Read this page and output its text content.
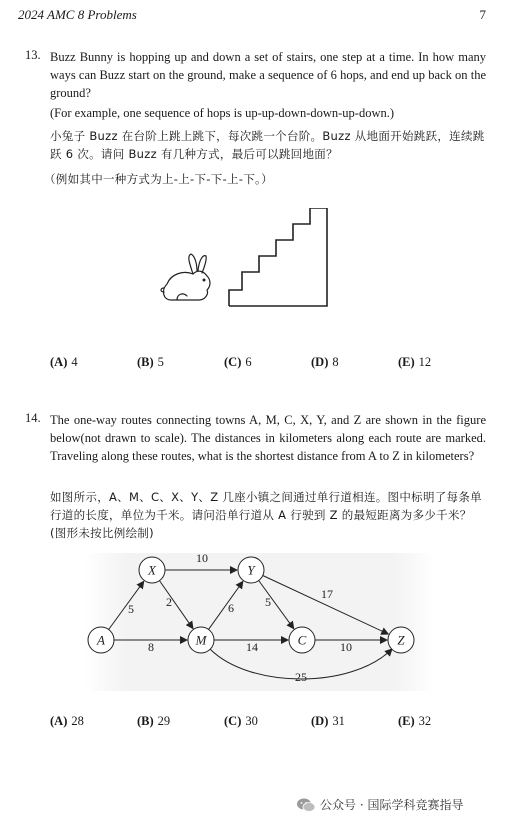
2024 AMC 8 Problems	7
13. Buzz Bunny is hopping up and down a set of stairs, one step at a time. In how many ways can Buzz start on the ground, make a sequence of 6 hops, and end up back on the ground?
(For example, one sequence of hops is up-up-down-down-up-down.)
小兔子 Buzz 在台阶上跳上跳下，每次跳一个台阶。Buzz 从地面开始跳跃，连续跳跃 6 次。请问 Buzz 有几种方式，最后可以跳回地面？
（例如其中一种方式为上-上-下-下-上-下。）
(A) 4	(B) 5	(C) 6	(D) 8	(E) 12
14. The one-way routes connecting towns A, M, C, X, Y, and Z are shown in the figure below(not drawn to scale). The distances in kilometers along each route are marked. Traveling along these routes, what is the shortest distance from A to Z in kilometers?
如图所示，A、M、C、X、Y、Z 几座小镇之间通过单行道相连。图中标明了每条单行道的长度，单位为千米。请问沿单行道从 A 行驶到 Z 的最短距离为多少千米？(图形未按比例绘制)
5
8
10
2	6
14
25
5
17
10
A
X
M
Y
C	Z
(A) 28	(B) 29	(C) 30	(D) 31	(E) 32
公众号 · 国际学科竞赛指导
